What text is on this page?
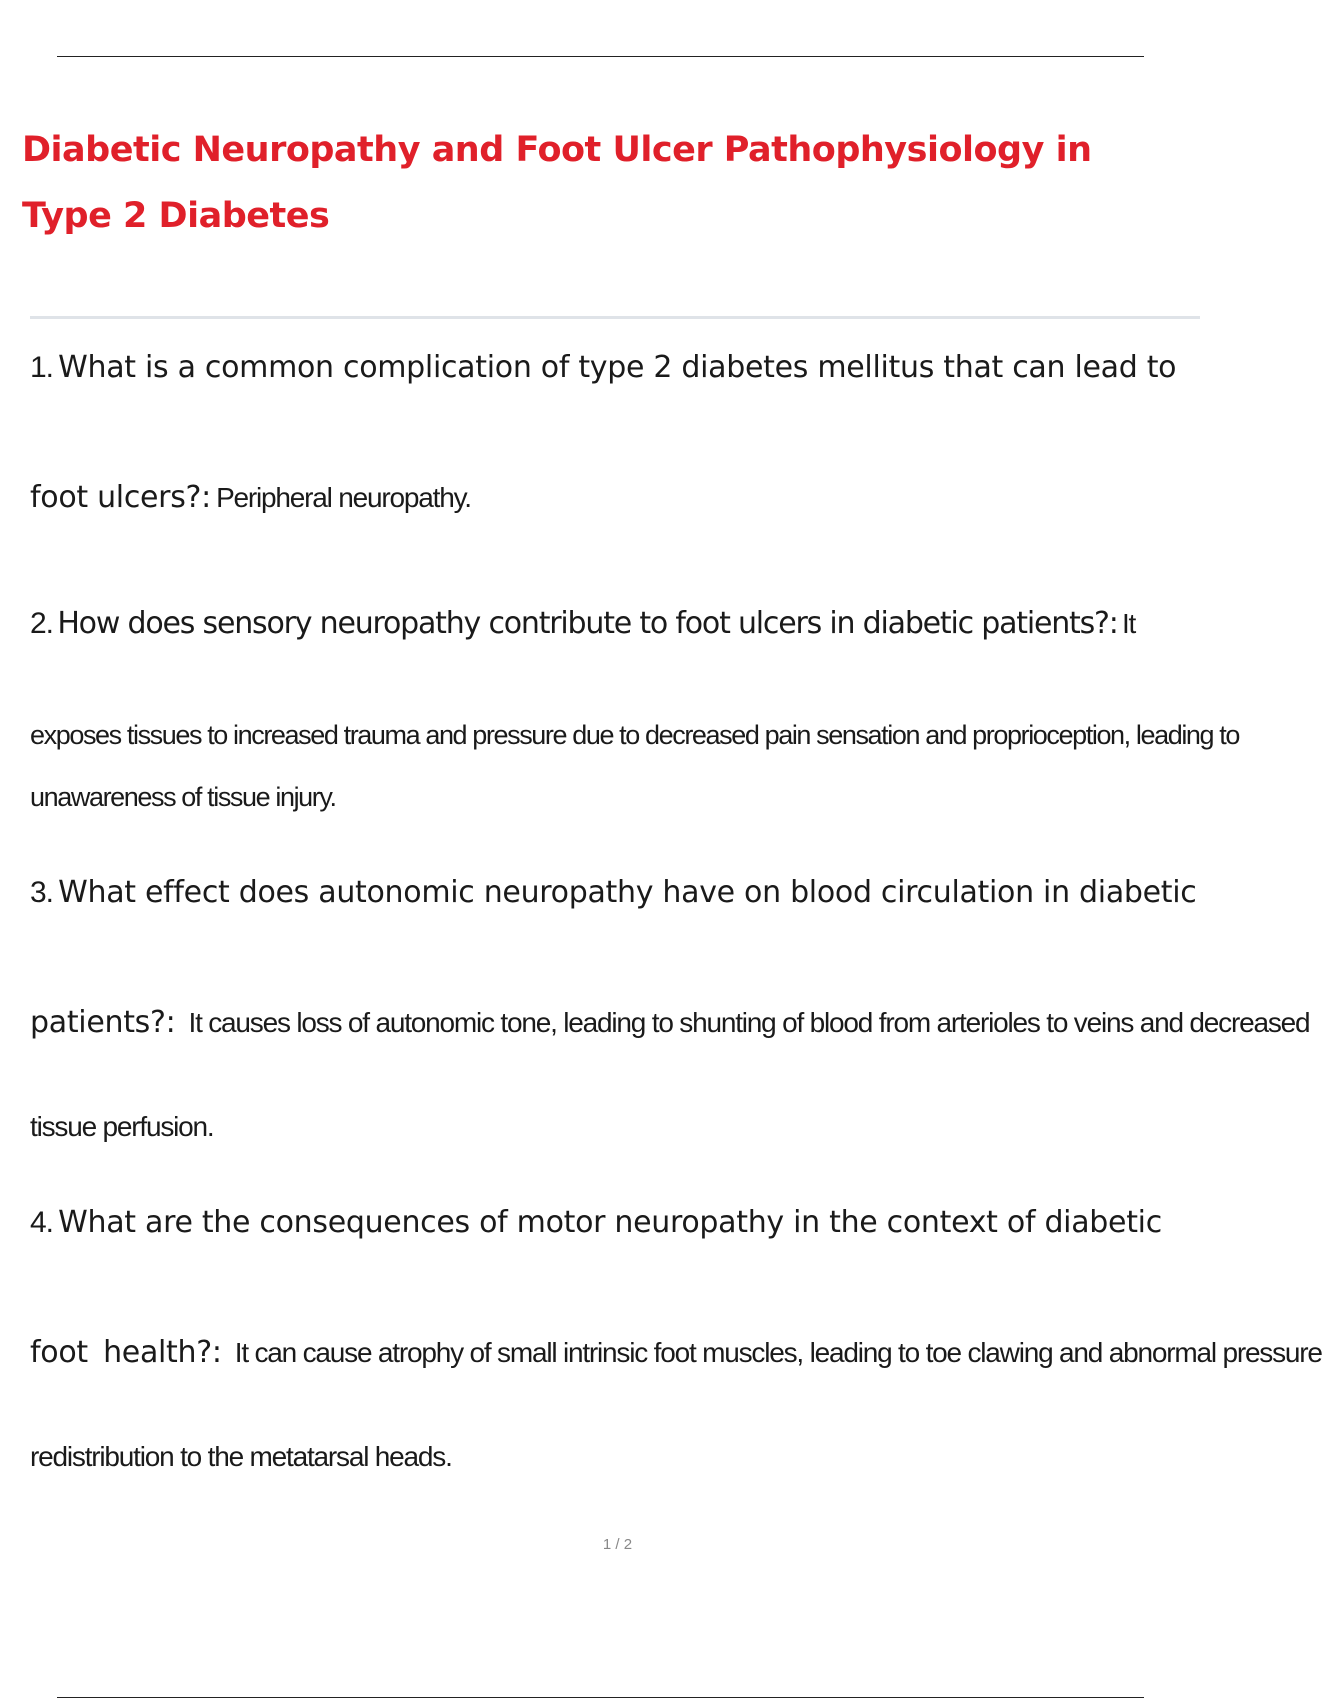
Diabetic Neuropathy and Foot Ulcer Pathophysiology in Type 2 Diabetes
1. What is a common complication of type 2 diabetes mellitus that can lead to
foot ulcers?: Peripheral neuropathy.
2. How does sensory neuropathy contribute to foot ulcers in diabetic patients?: It
exposes tissues to increased trauma and pressure due to decreased pain sensation and proprioception, leading to
unawareness of tissue injury.
3. What effect does autonomic neuropathy have on blood circulation in diabetic
patients?: It causes loss of autonomic tone, leading to shunting of blood from arterioles to veins and decreased
tissue perfusion.
4. What are the consequences of motor neuropathy in the context of diabetic
foot health?: It can cause atrophy of small intrinsic foot muscles, leading to toe clawing and abnormal pressure
redistribution to the metatarsal heads.
1 / 2
